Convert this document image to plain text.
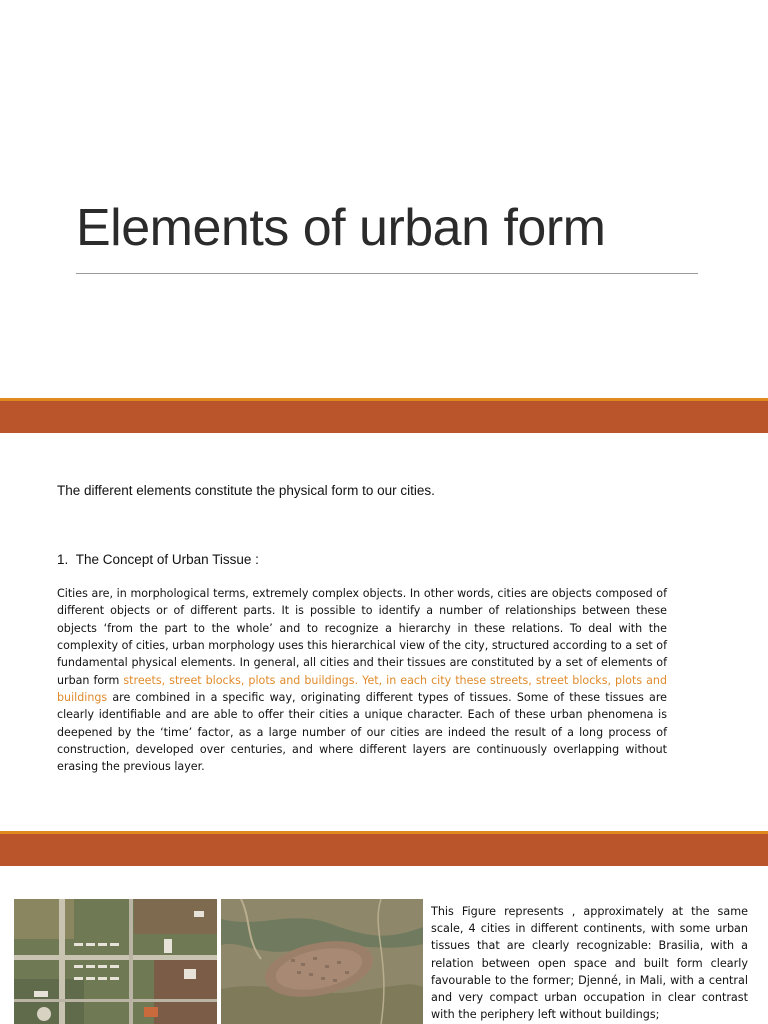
Elements of urban form

The different elements constitute the physical form to our cities.

1. The Concept of Urban Tissue :

Cities are, in morphological terms, extremely complex objects. In other words, cities are objects composed of different objects or of different parts. It is possible to identify a number of relationships between these objects ‘from the part to the whole’ and to recognize a hierarchy in these relations. To deal with the complexity of cities, urban morphology uses this hierarchical view of the city, structured according to a set of fundamental physical elements. In general, all cities and their tissues are constituted by a set of elements of urban form streets, street blocks, plots and buildings. Yet, in each city these streets, street blocks, plots and buildings are combined in a specific way, originating different types of tissues. Some of these tissues are clearly identifiable and are able to offer their cities a unique character. Each of these urban phenomena is deepened by the ‘time’ factor, as a large number of our cities are indeed the result of a long process of construction, developed over centuries, and where different layers are continuously overlapping without erasing the previous layer.

This Figure represents , approximately at the same scale, 4 cities in different continents, with some urban tissues that are clearly recognizable: Brasilia, with a relation between open space and built form clearly favourable to the former; Djenné, in Mali, with a central and very compact urban occupation in clear contrast with the periphery left without buildings;
